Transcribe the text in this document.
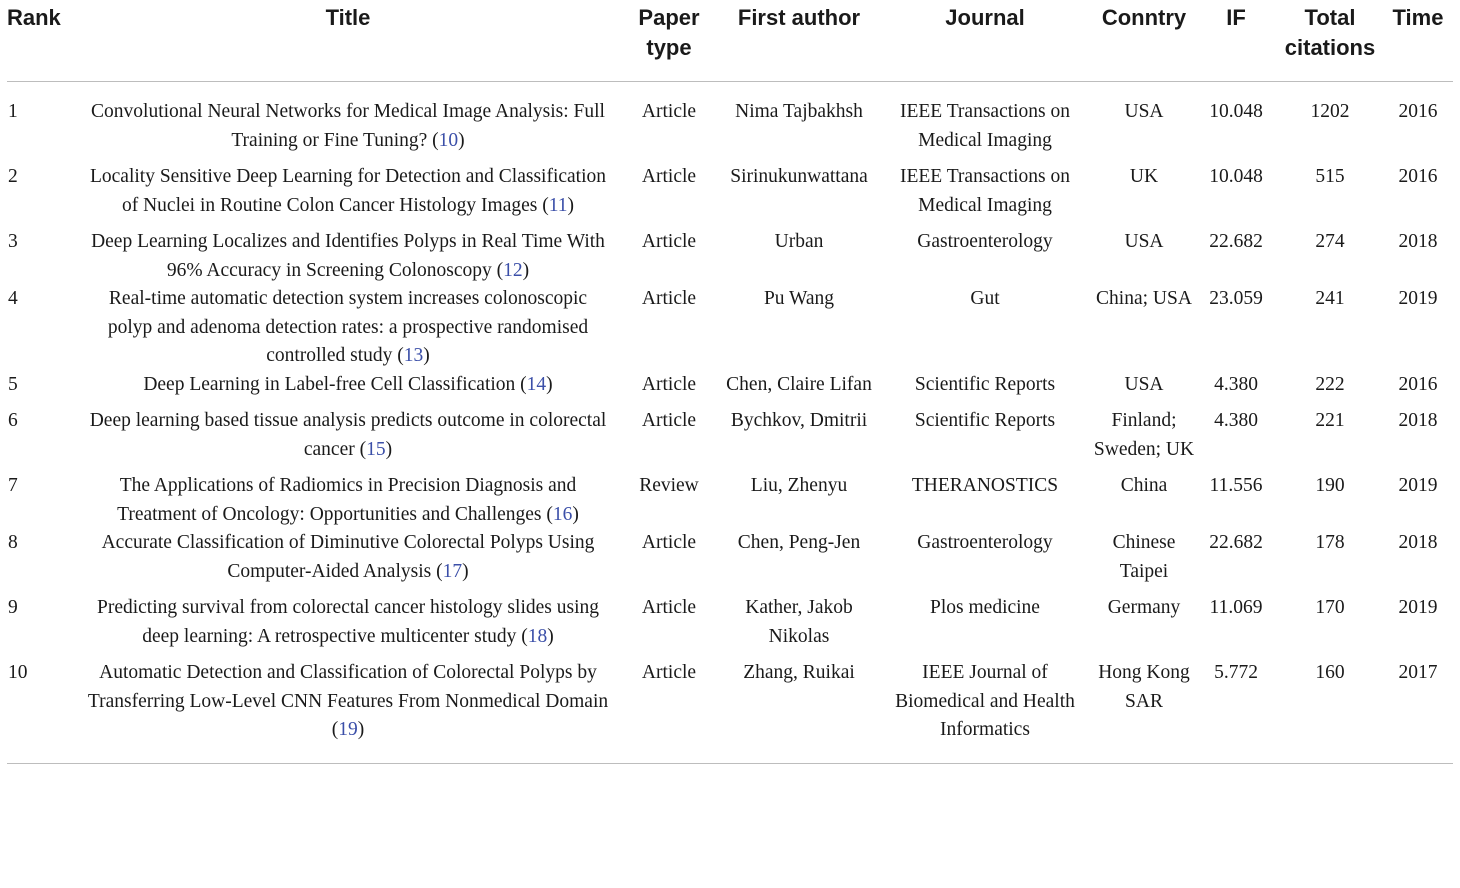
Rank	Title	Paper type	First author	Journal	Conntry	IF	Total citations	Time
1	Convolutional Neural Networks for Medical Image Analysis: Full Training or Fine Tuning? (10)	Article	Nima Tajbakhsh	IEEE Transactions on Medical Imaging	USA	10.048	1202	2016
2	Locality Sensitive Deep Learning for Detection and Classification of Nuclei in Routine Colon Cancer Histology Images (11)	Article	Sirinukunwattana	IEEE Transactions on Medical Imaging	UK	10.048	515	2016
3	Deep Learning Localizes and Identifies Polyps in Real Time With 96% Accuracy in Screening Colonoscopy (12)	Article	Urban	Gastroenterology	USA	22.682	274	2018
4	Real-time automatic detection system increases colonoscopic polyp and adenoma detection rates: a prospective randomised controlled study (13)	Article	Pu Wang	Gut	China; USA	23.059	241	2019
5	Deep Learning in Label-free Cell Classification (14)	Article	Chen, Claire Lifan	Scientific Reports	USA	4.380	222	2016
6	Deep learning based tissue analysis predicts outcome in colorectal cancer (15)	Article	Bychkov, Dmitrii	Scientific Reports	Finland; Sweden; UK	4.380	221	2018
7	The Applications of Radiomics in Precision Diagnosis and Treatment of Oncology: Opportunities and Challenges (16)	Review	Liu, Zhenyu	THERANOSTICS	China	11.556	190	2019
8	Accurate Classification of Diminutive Colorectal Polyps Using Computer-Aided Analysis (17)	Article	Chen, Peng-Jen	Gastroenterology	Chinese Taipei	22.682	178	2018
9	Predicting survival from colorectal cancer histology slides using deep learning: A retrospective multicenter study (18)	Article	Kather, Jakob Nikolas	Plos medicine	Germany	11.069	170	2019
10	Automatic Detection and Classification of Colorectal Polyps by Transferring Low-Level CNN Features From Nonmedical Domain (19)	Article	Zhang, Ruikai	IEEE Journal of Biomedical and Health Informatics	Hong Kong SAR	5.772	160	2017
